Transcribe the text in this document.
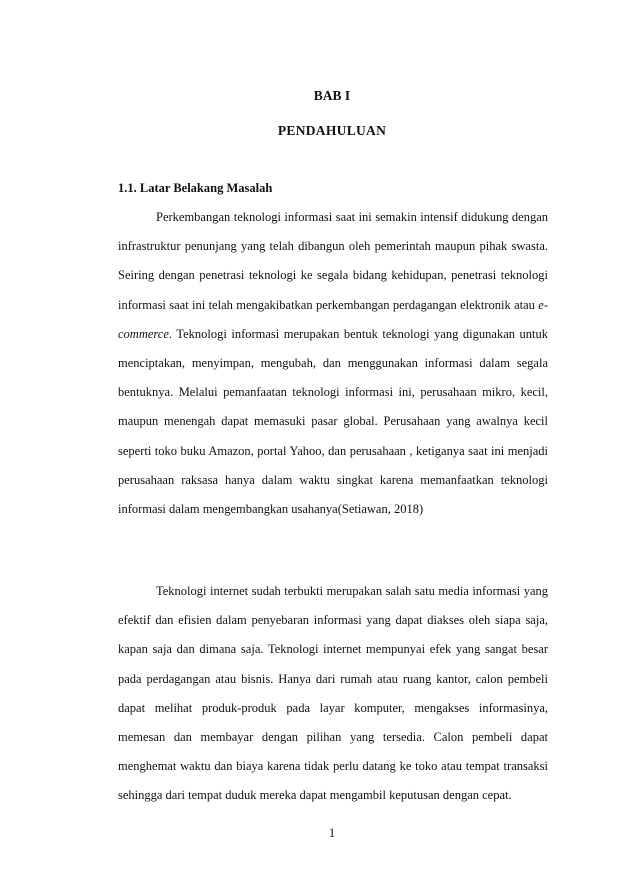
BAB I
PENDAHULUAN
1.1. Latar Belakang Masalah

Perkembangan teknologi informasi saat ini semakin intensif didukung dengan infrastruktur penunjang yang telah dibangun oleh pemerintah maupun pihak swasta. Seiring dengan penetrasi teknologi ke segala bidang kehidupan, penetrasi teknologi informasi saat ini telah mengakibatkan perkembangan perdagangan elektronik atau e-commerce. Teknologi informasi merupakan bentuk teknologi yang digunakan untuk menciptakan, menyimpan, mengubah, dan menggunakan informasi dalam segala bentuknya. Melalui pemanfaatan teknologi informasi ini, perusahaan mikro, kecil, maupun menengah dapat memasuki pasar global. Perusahaan yang awalnya kecil seperti toko buku Amazon, portal Yahoo, dan perusahaan , ketiganya saat ini menjadi perusahaan raksasa hanya dalam waktu singkat karena memanfaatkan teknologi informasi dalam mengembangkan usahanya(Setiawan, 2018)

Teknologi internet sudah terbukti merupakan salah satu media informasi yang efektif dan efisien dalam penyebaran informasi yang dapat diakses oleh siapa saja, kapan saja dan dimana saja. Teknologi internet mempunyai efek yang sangat besar pada perdagangan atau bisnis. Hanya dari rumah atau ruang kantor, calon pembeli dapat melihat produk-produk pada layar komputer, mengakses informasinya, memesan dan membayar dengan pilihan yang tersedia. Calon pembeli dapat menghemat waktu dan biaya karena tidak perlu datang ke toko atau tempat transaksi sehingga dari tempat duduk mereka dapat mengambil keputusan dengan cepat.

1
